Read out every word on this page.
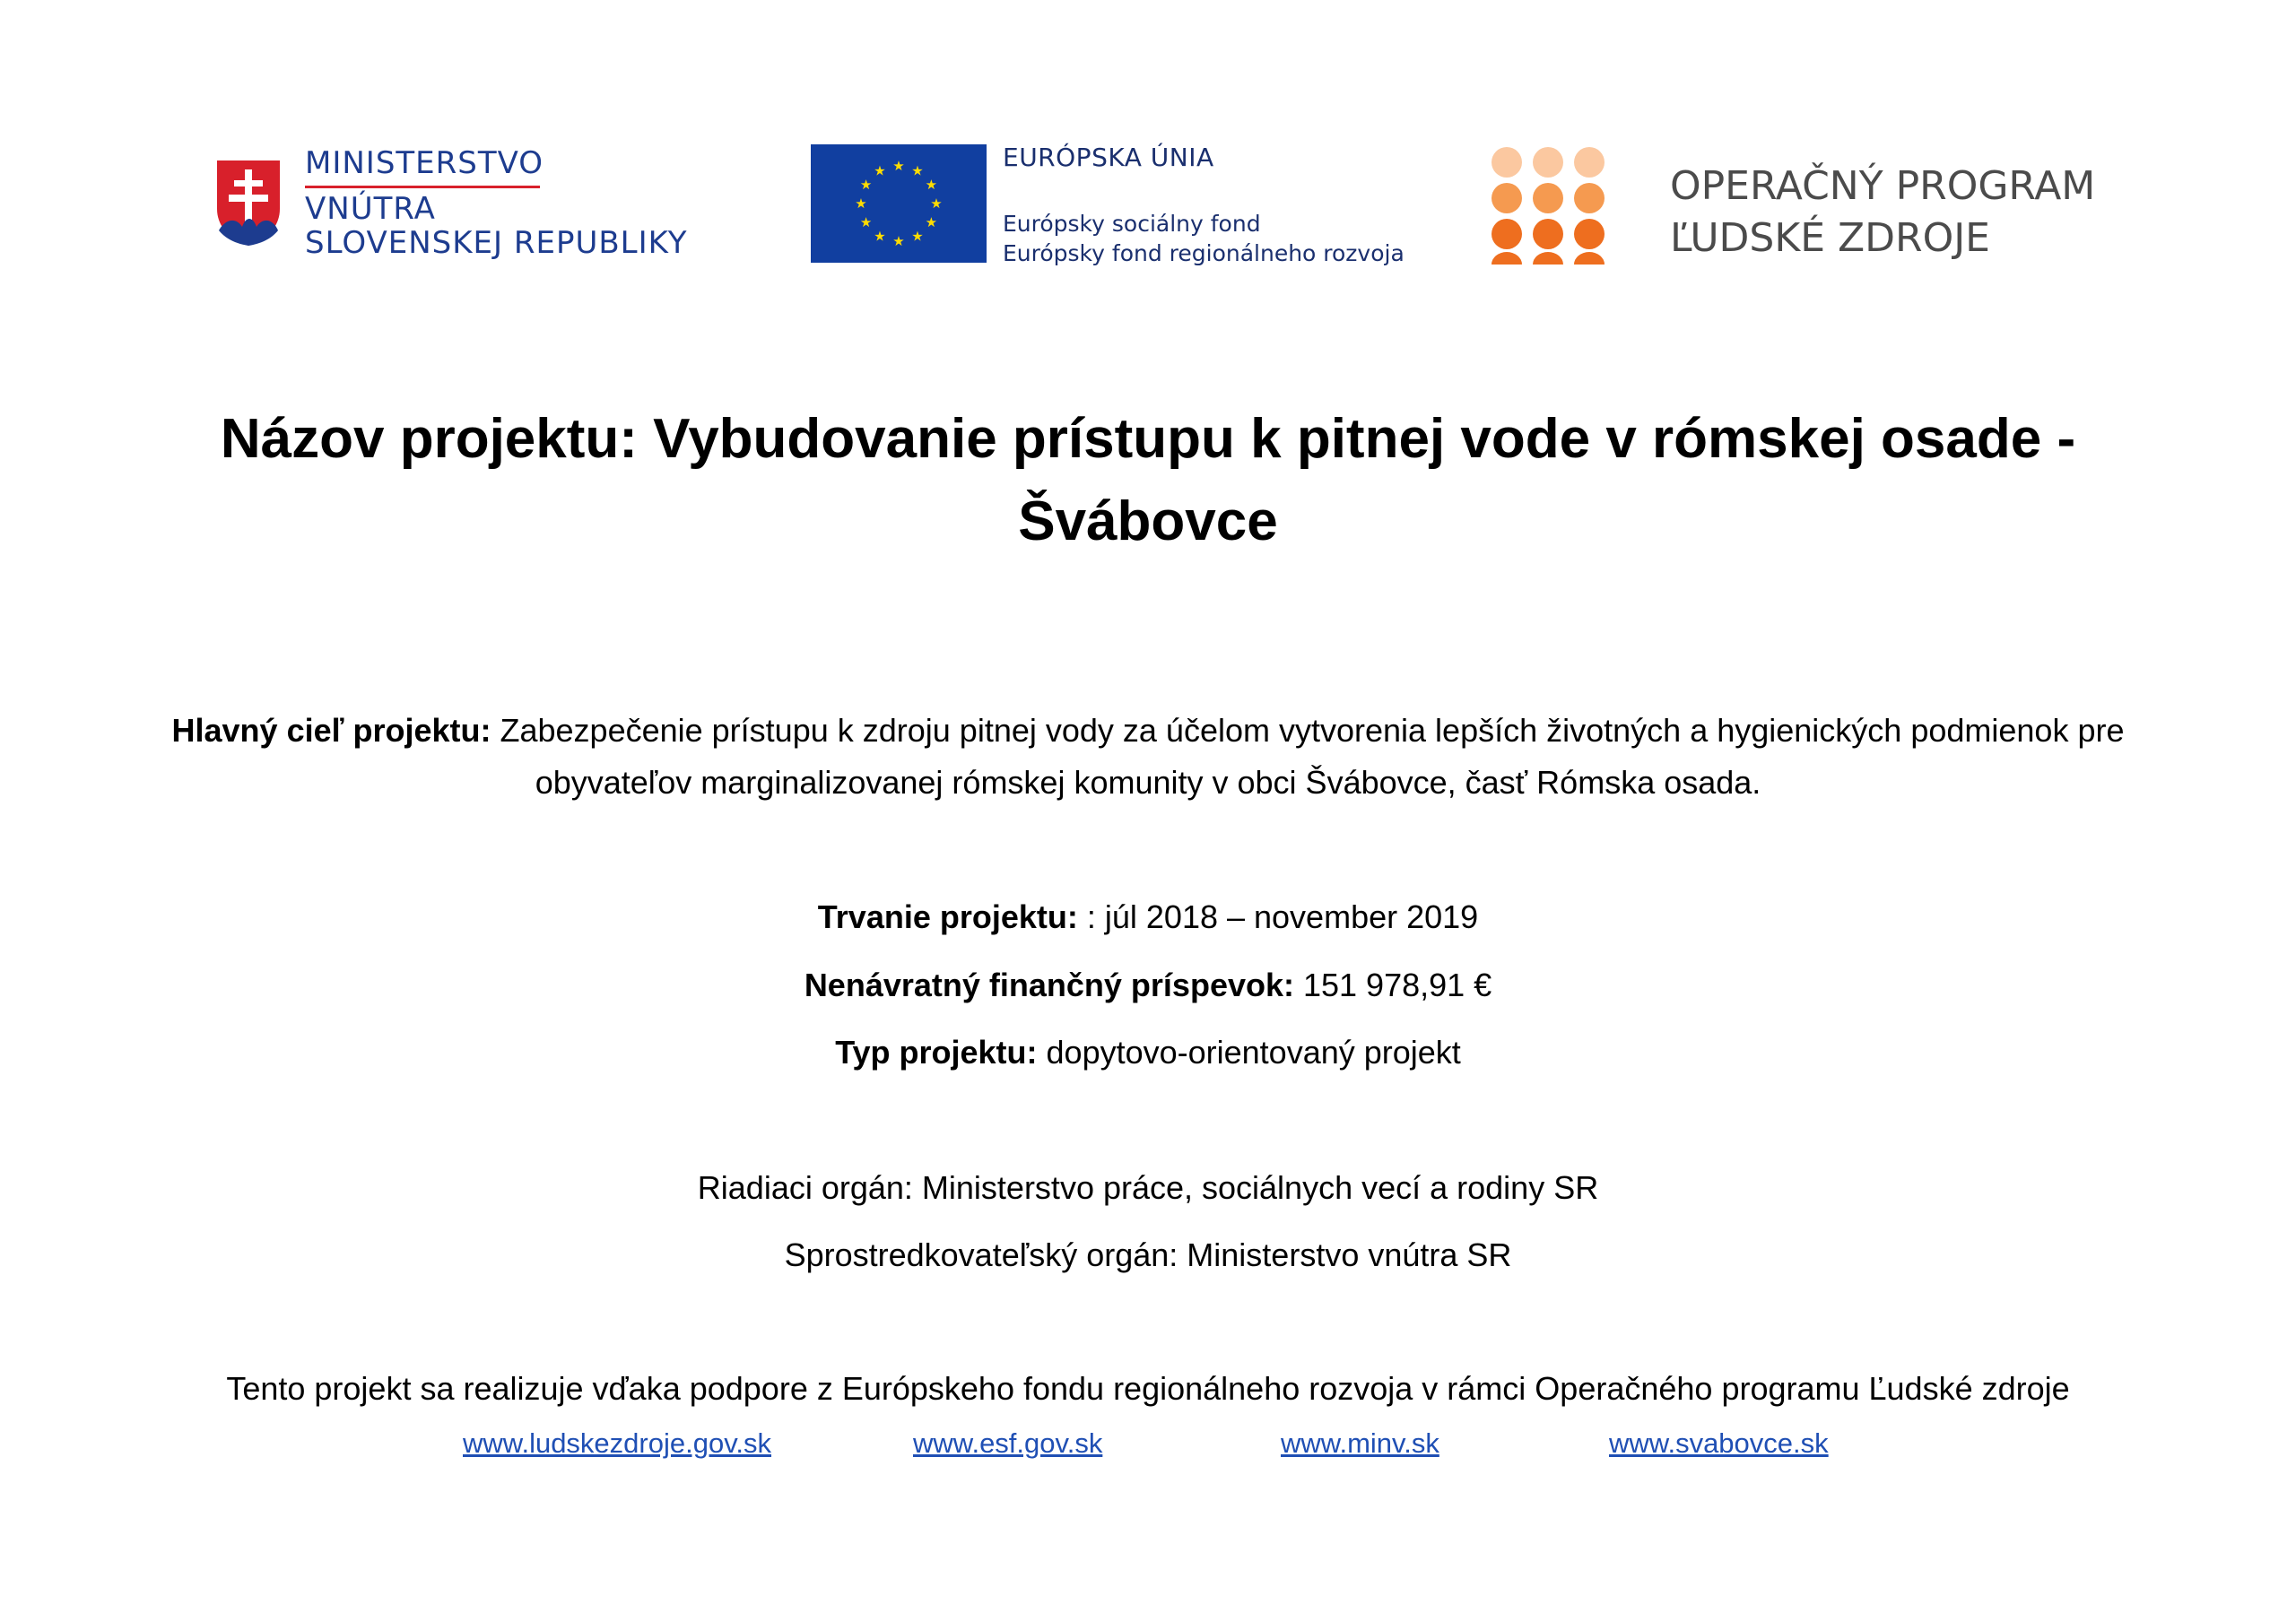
MINISTERSTVO
VNÚTRA
SLOVENSKEJ REPUBLIKY
★ ★
★
★
★
★
★
★
★
★
★
★	EURÓPSKA ÚNIA
Európsky sociálny fond
Európsky fond regionálneho rozvoja
OPERAČNÝ PROGRAM
ĽUDSKÉ ZDROJE
Názov projektu: Vybudovanie prístupu k pitnej vode v rómskej osade -
Švábovce
Hlavný cieľ projektu: Zabezpečenie prístupu k zdroju pitnej vody za účelom vytvorenia lepších životných a hygienických podmienok pre
obyvateľov marginalizovanej rómskej komunity v obci Švábovce, časť Rómska osada.
Trvanie projektu: : júl 2018 – november 2019
Nenávratný finančný príspevok: 151 978,91 €
Typ projektu: dopytovo-orientovaný projekt
Riadiaci orgán: Ministerstvo práce, sociálnych vecí a rodiny SR
Sprostredkovateľský orgán: Ministerstvo vnútra SR
Tento projekt sa realizuje vďaka podpore z Európskeho fondu regionálneho rozvoja v rámci Operačného programu Ľudské zdroje
www.ludskezdroje.gov.sk	www.esf.gov.sk	www.minv.sk	www.svabovce.sk
